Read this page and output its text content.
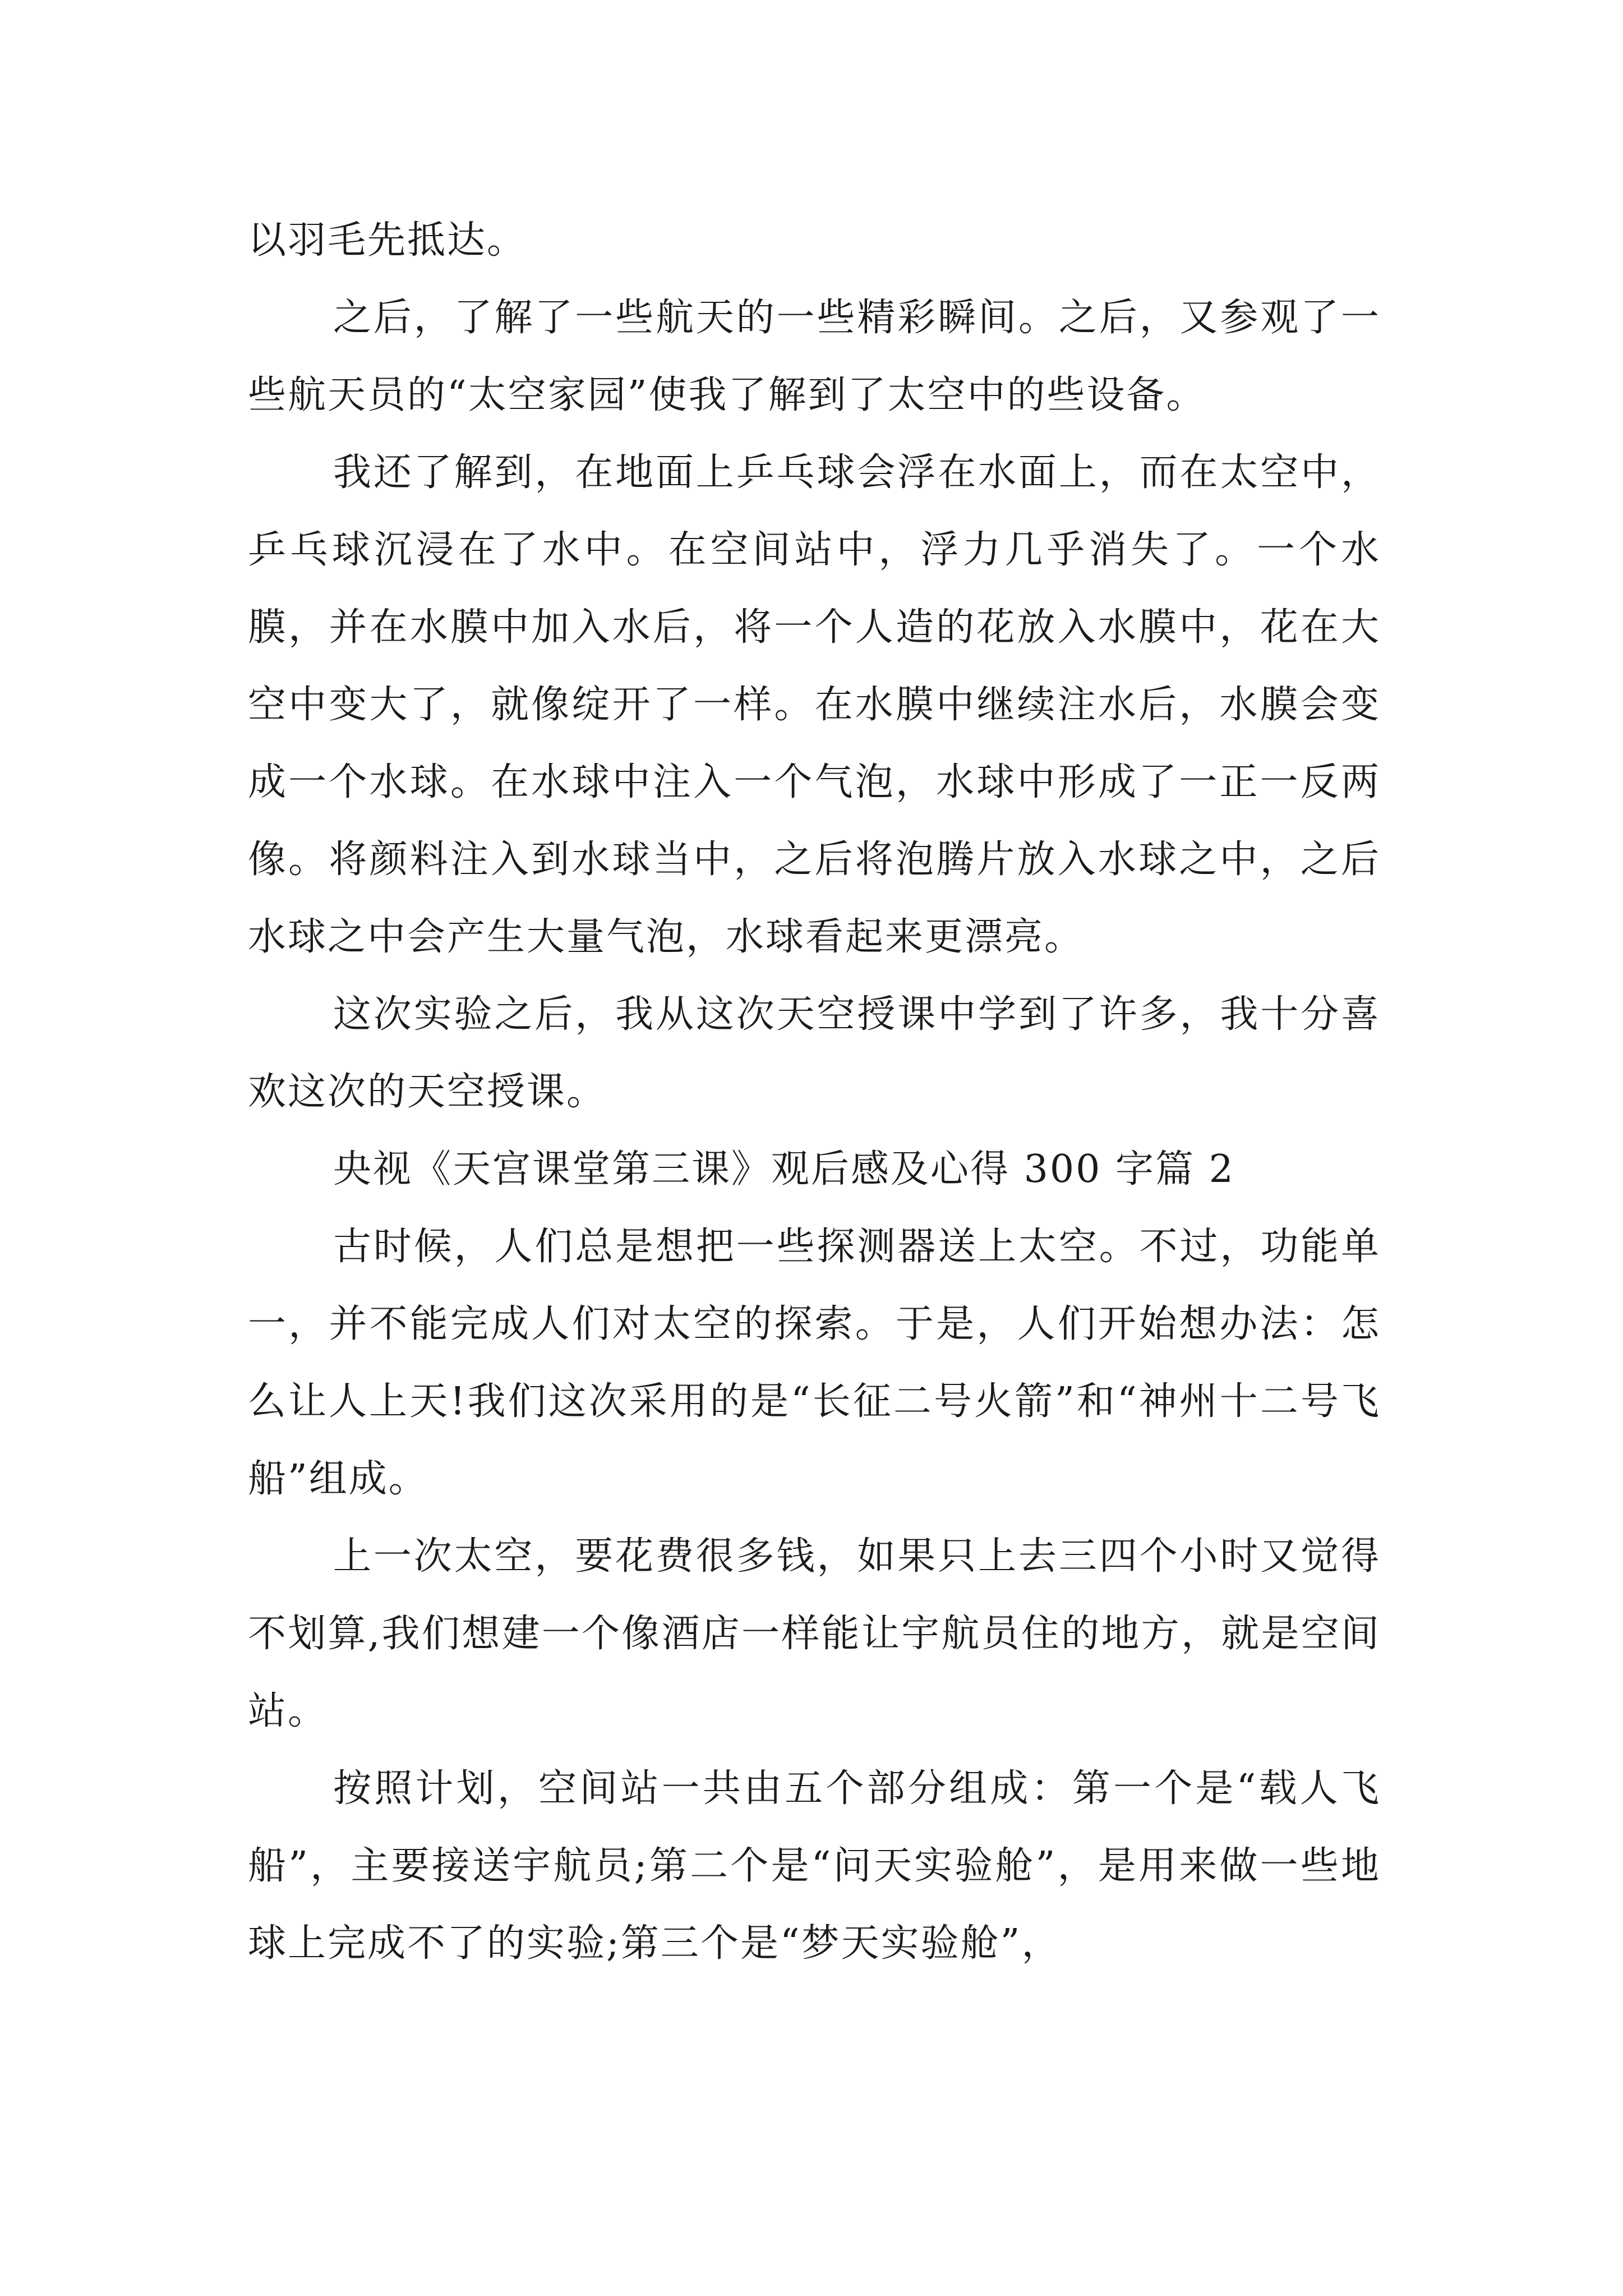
以羽毛先抵达。

之后，了解了一些航天的一些精彩瞬间。之后，又参观了一些航天员的“太空家园”使我了解到了太空中的些设备。

我还了解到，在地面上乒乓球会浮在水面上，而在太空中，乒乓球沉浸在了水中。在空间站中，浮力几乎消失了。一个水膜，并在水膜中加入水后，将一个人造的花放入水膜中，花在大空中变大了，就像绽开了一样。在水膜中继续注水后，水膜会变成一个水球。在水球中注入一个气泡，水球中形成了一正一反两像。将颜料注入到水球当中，之后将泡腾片放入水球之中，之后水球之中会产生大量气泡，水球看起来更漂亮。

这次实验之后，我从这次天空授课中学到了许多，我十分喜欢这次的天空授课。

央视《天宫课堂第三课》观后感及心得 300 字篇 2

古时候，人们总是想把一些探测器送上太空。不过，功能单一，并不能完成人们对太空的探索。于是，人们开始想办法：怎么让人上天!我们这次采用的是“长征二号火箭”和“神州十二号飞船”组成。

上一次太空，要花费很多钱，如果只上去三四个小时又觉得不划算,我们想建一个像酒店一样能让宇航员住的地方，就是空间站。

按照计划，空间站一共由五个部分组成：第一个是“载人飞船”，主要接送宇航员;第二个是“问天实验舱”，是用来做一些地球上完成不了的实验;第三个是“梦天实验舱”，
